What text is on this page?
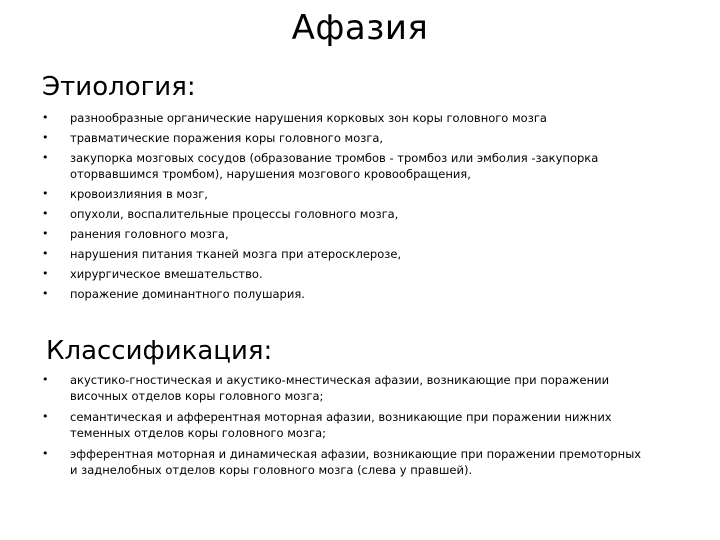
Афазия
Этиология:
• разнообразные органические нарушения корковых зон коры головного мозга
• травматические поражения коры головного мозга,
• закупорка мозговых сосудов (образование тромбов - тромбоз или эмболия -закупорка оторвавшимся тромбом), нарушения мозгового кровообращения,
• кровоизлияния в мозг,
• опухоли, воспалительные процессы головного мозга,
• ранения головного мозга,
• нарушения питания тканей мозга при атеросклерозе,
• хирургическое вмешательство.
• поражение доминантного полушария.
Классификация:
• акустико-гностическая и акустико-мнестическая афазии, возникающие при поражении височных отделов коры головного мозга;
• семантическая и афферентная моторная афазии, возникающие при поражении нижних теменных отделов коры головного мозга;
• эфферентная моторная и динамическая афазии, возникающие при поражении премоторных и заднелобных отделов коры головного мозга (слева у правшей).
